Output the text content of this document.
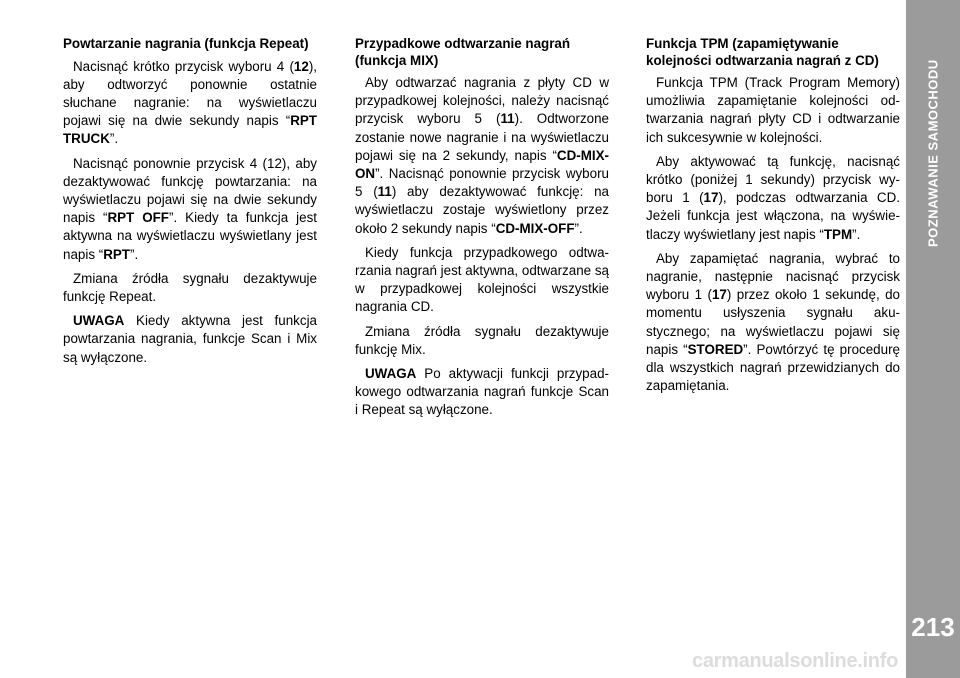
POZNAWANIE SAMOCHODU
213
Powtarzanie nagrania (funkcja Repeat)

Nacisnąć krótko przycisk wyboru 4 (12), aby odtworzyć ponownie ostatnie słuchane nagranie: na wyświetlaczu pojawi się na dwie sekundy napis “RPT TRUCK”.

Nacisnąć ponownie przycisk 4 (12), aby dezaktywować funkcję powtarzania: na wyświetlaczu pojawi się na dwie sekundy napis “RPT OFF”. Kiedy ta funkcja jest aktywna na wyświetlaczu wyświetlany jest napis “RPT”.

Zmiana źródła sygnału dezaktywuje funkcję Repeat.

UWAGA Kiedy aktywna jest funkcja powtarzania nagrania, funkcje Scan i Mix są wyłączone.

Przypadkowe odtwarzanie nagrań (funkcja MIX)

Aby odtwarzać nagrania z płyty CD w przypadkowej kolejności, należy nacisnąć przycisk wyboru 5 (11). Odtworzone zostanie nowe nagranie i na wyświetlaczu pojawi się na 2 sekundy, napis “CD-MIX-ON”. Nacisnąć ponownie przycisk wyboru 5 (11) aby dezaktywować funkcję: na wyświetlaczu zostaje wyświetlony przez około 2 sekundy napis “CD-MIX-OFF”.

Kiedy funkcja przypadkowego odtwarzania nagrań jest aktywna, odtwarzane są w przypadkowej kolejności wszystkie nagrania CD.

Zmiana źródła sygnału dezaktywuje funkcję Mix.

UWAGA Po aktywacji funkcji przypadkowego odtwarzania nagrań funkcje Scan i Repeat są wyłączone.

Funkcja TPM (zapamiętywanie kolejności odtwarzania nagrań z CD)

Funkcja TPM (Track Program Memory) umożliwia zapamiętanie kolejności odtwarzania nagrań płyty CD i odtwarzanie ich sukcesywnie w kolejności.

Aby aktywować tą funkcję, nacisnąć krótko (poniżej 1 sekundy) przycisk wyboru 1 (17), podczas odtwarzania CD. Jeżeli funkcja jest włączona, na wyświetlaczy wyświetlany jest napis “TPM”.

Aby zapamiętać nagrania, wybrać to nagranie, następnie nacisnąć przycisk wyboru 1 (17) przez około 1 sekundę, do momentu usłyszenia sygnału akustycznego; na wyświetlaczu pojawi się napis “STORED”. Powtórzyć tę procedurę dla wszystkich nagrań przewidzianych do zapamiętania.

carmanualsonline.info
